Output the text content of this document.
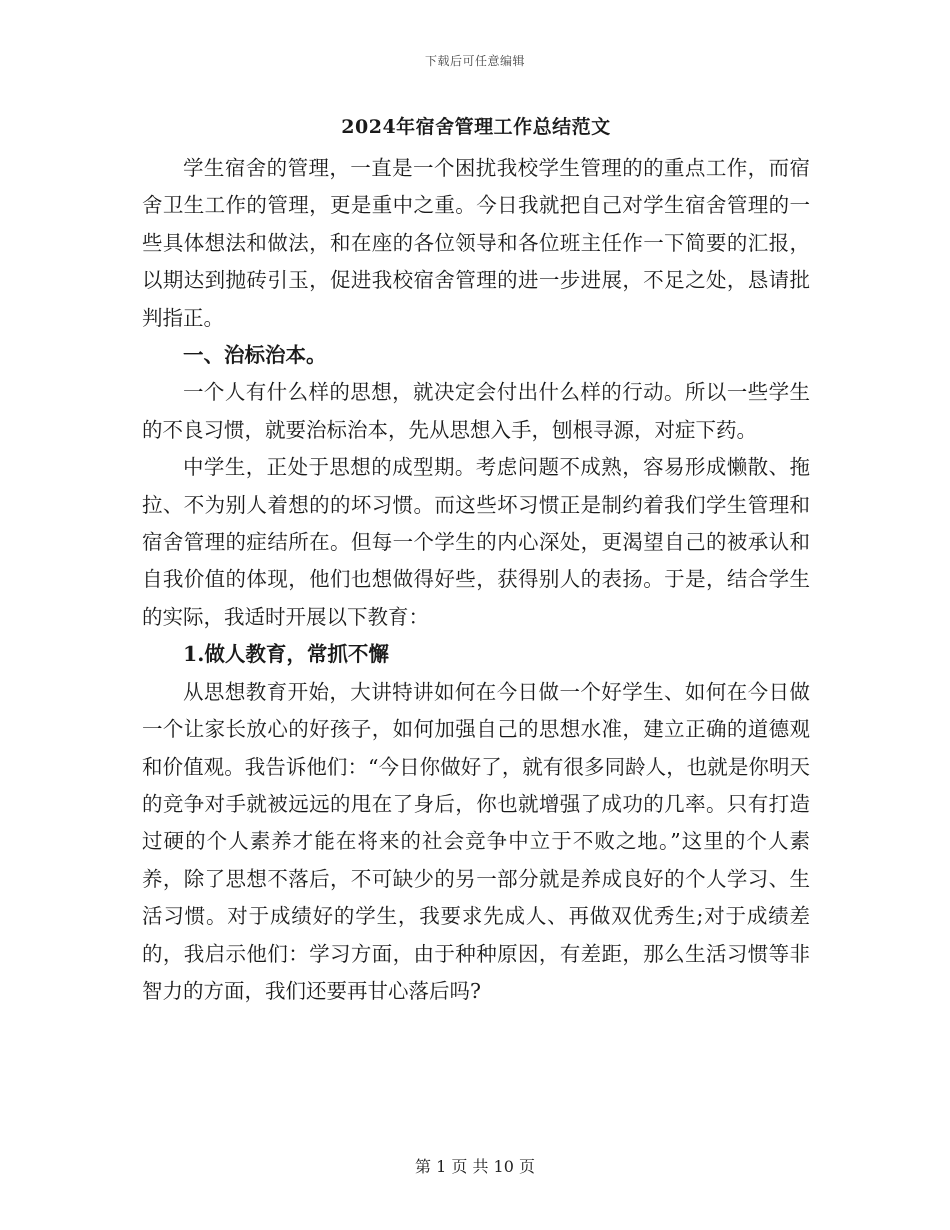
下载后可任意编辑
2024年宿舍管理工作总结范文

学生宿舍的管理，一直是一个困扰我校学生管理的的重点工作，而宿舍卫生工作的管理，更是重中之重。今日我就把自己对学生宿舍管理的一些具体想法和做法，和在座的各位领导和各位班主任作一下简要的汇报，以期达到抛砖引玉，促进我校宿舍管理的进一步进展，不足之处，恳请批判指正。

一、治标治本。

一个人有什么样的思想，就决定会付出什么样的行动。所以一些学生的不良习惯，就要治标治本，先从思想入手，刨根寻源，对症下药。

中学生，正处于思想的成型期。考虑问题不成熟，容易形成懒散、拖拉、不为别人着想的的坏习惯。而这些坏习惯正是制约着我们学生管理和宿舍管理的症结所在。但每一个学生的内心深处，更渴望自己的被承认和自我价值的体现，他们也想做得好些，获得别人的表扬。于是，结合学生的实际，我适时开展以下教育：

1.做人教育，常抓不懈

从思想教育开始，大讲特讲如何在今日做一个好学生、如何在今日做一个让家长放心的好孩子，如何加强自己的思想水准，建立正确的道德观和价值观。我告诉他们：“今日你做好了，就有很多同龄人，也就是你明天的竞争对手就被远远的甩在了身后，你也就增强了成功的几率。只有打造过硬的个人素养才能在将来的社会竞争中立于不败之地。”这里的个人素养，除了思想不落后，不可缺少的另一部分就是养成良好的个人学习、生活习惯。对于成绩好的学生，我要求先成人、再做双优秀生;对于成绩差的，我启示他们：学习方面，由于种种原因，有差距，那么生活习惯等非智力的方面，我们还要再甘心落后吗?

第 1 页 共 10 页
